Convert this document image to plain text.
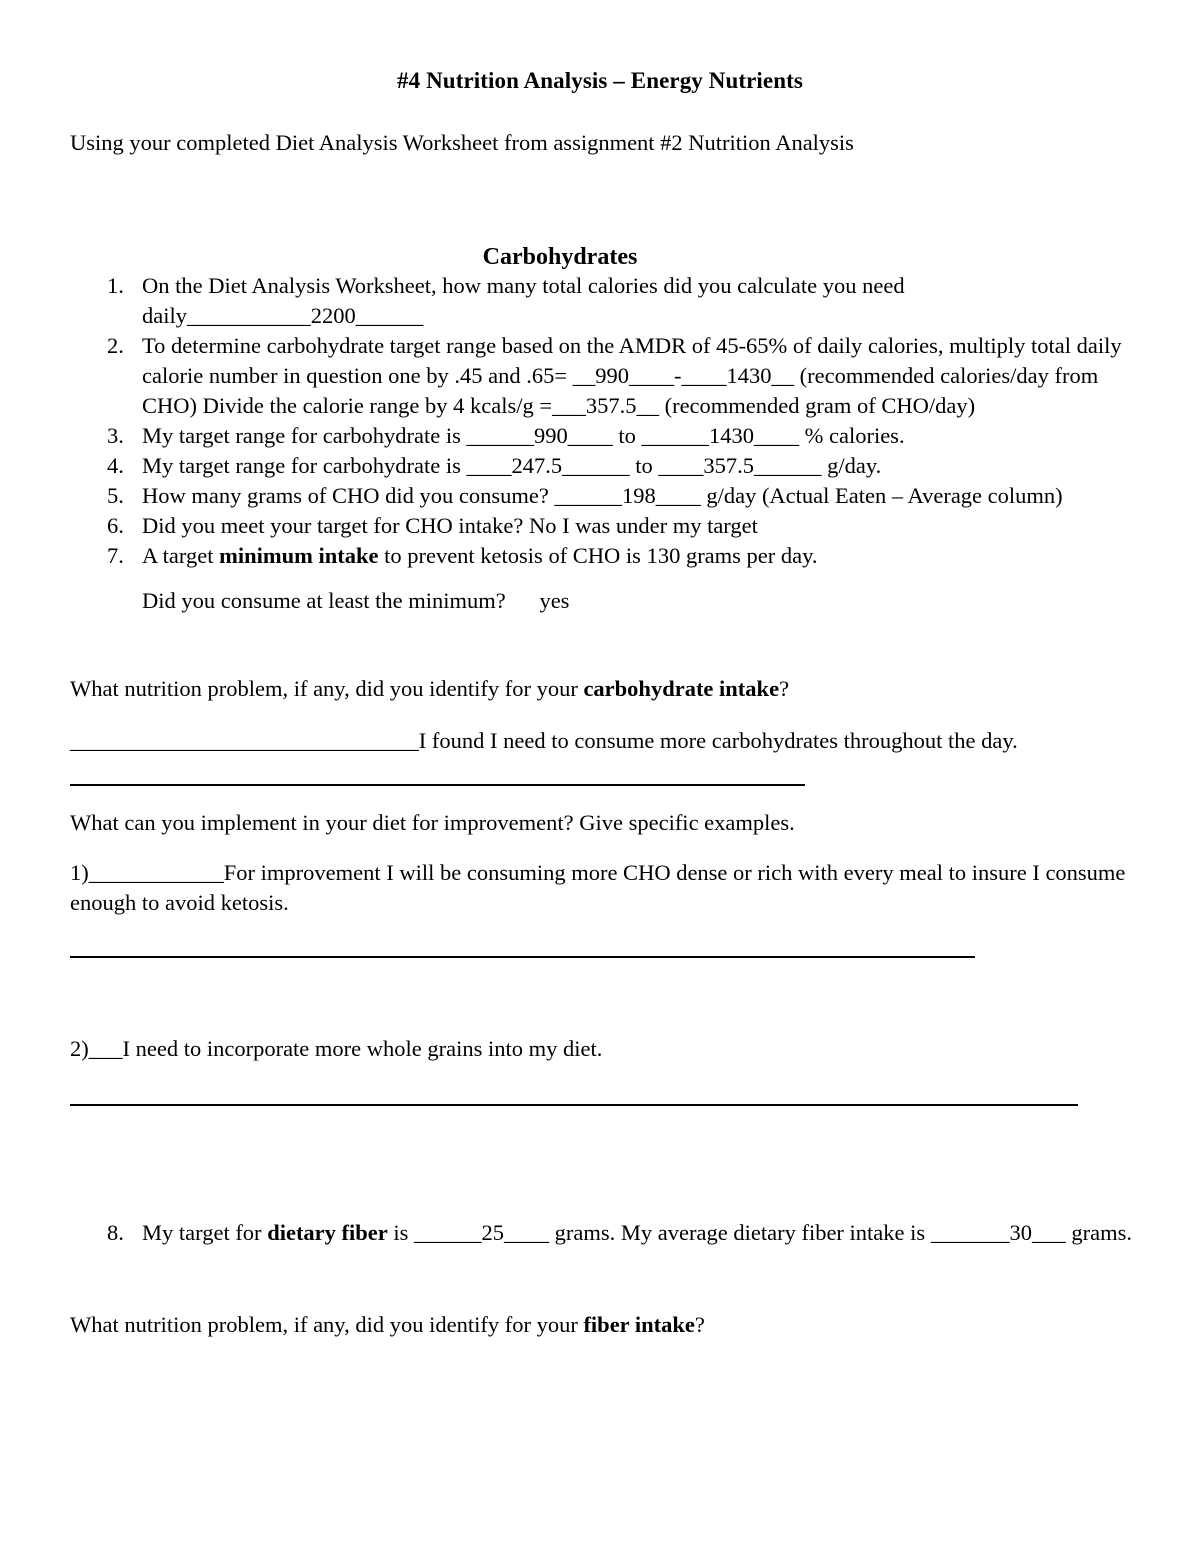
#4 Nutrition Analysis – Energy Nutrients
Using your completed Diet Analysis Worksheet from assignment #2 Nutrition Analysis
Carbohydrates
1. On the Diet Analysis Worksheet, how many total calories did you calculate you need
daily___________2200______
2. To determine carbohydrate target range based on the AMDR of 45-65% of daily calories, multiply total daily calorie number in question one by .45 and .65= __990____-____1430__ (recommended calories/day from CHO) Divide the calorie range by 4 kcals/g =___357.5__ (recommended gram of CHO/day)
3. My target range for carbohydrate is ______990____ to ______1430____ % calories.
4. My target range for carbohydrate is ____247.5______ to ____357.5______ g/day.
5. How many grams of CHO did you consume? ______198____ g/day (Actual Eaten – Average column)
6. Did you meet your target for CHO intake? No I was under my target
7. A target minimum intake to prevent ketosis of CHO is 130 grams per day.
Did you consume at least the minimum? yes
What nutrition problem, if any, did you identify for your carbohydrate intake?
_______________________________I found I need to consume more carbohydrates throughout the day.
What can you implement in your diet for improvement? Give specific examples.
1)____________For improvement I will be consuming more CHO dense or rich with every meal to insure I consume enough to avoid ketosis.
2)___I need to incorporate more whole grains into my diet.
8. My target for dietary fiber is ______25____ grams. My average dietary fiber intake is _______30___ grams.
What nutrition problem, if any, did you identify for your fiber intake?
